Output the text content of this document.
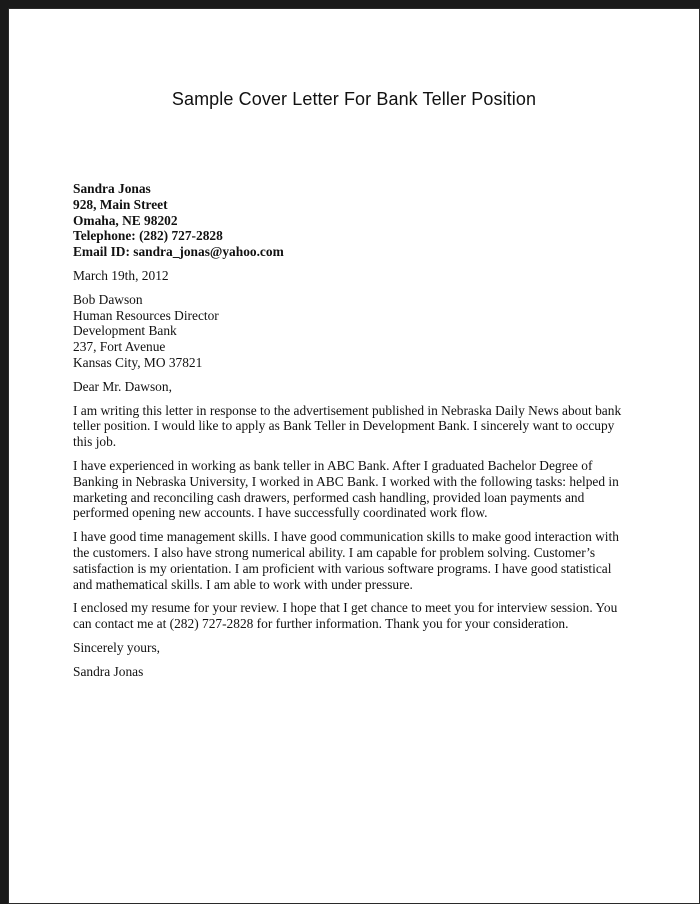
Sample Cover Letter For Bank Teller Position
Sandra Jonas
928, Main Street
Omaha, NE 98202
Telephone: (282) 727-2828
Email ID: sandra_jonas@yahoo.com
March 19th, 2012
Bob Dawson
Human Resources Director
Development Bank
237, Fort Avenue
Kansas City, MO 37821
Dear Mr. Dawson,
I am writing this letter in response to the advertisement published in Nebraska Daily News about bank
teller position. I would like to apply as Bank Teller in Development Bank. I sincerely want to occupy
this job.
I have experienced in working as bank teller in ABC Bank. After I graduated Bachelor Degree of
Banking in Nebraska University, I worked in ABC Bank. I worked with the following tasks: helped in
marketing and reconciling cash drawers, performed cash handling, provided loan payments and
performed opening new accounts. I have successfully coordinated work flow.
I have good time management skills. I have good communication skills to make good interaction with
the customers. I also have strong numerical ability. I am capable for problem solving. Customer’s
satisfaction is my orientation. I am proficient with various software programs. I have good statistical
and mathematical skills. I am able to work with under pressure.
I enclosed my resume for your review. I hope that I get chance to meet you for interview session. You
can contact me at (282) 727-2828 for further information. Thank you for your consideration.
Sincerely yours,
Sandra Jonas
